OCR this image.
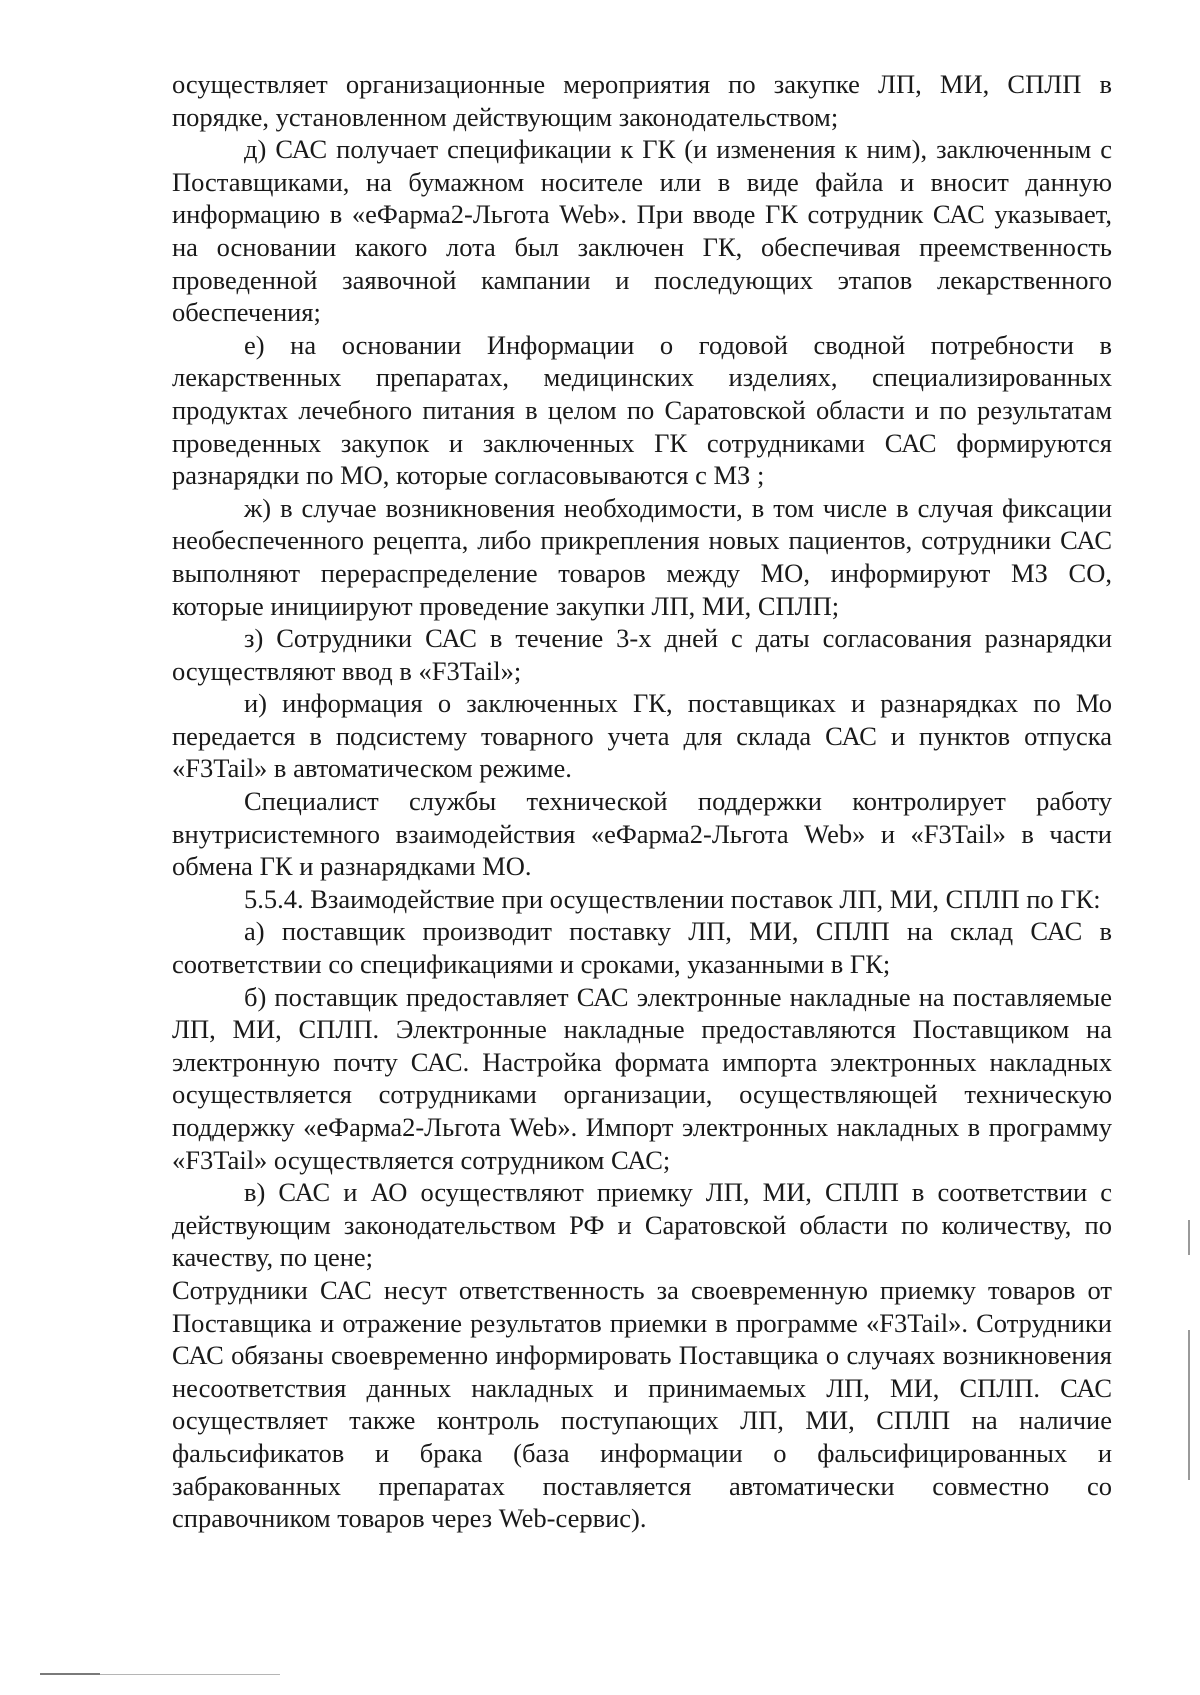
осуществляет организационные мероприятия по закупке ЛП, МИ, СПЛП в порядке, установленном действующим законодательством;

д) САС получает спецификации к ГК (и изменения к ним), заключенным с Поставщиками, на бумажном носителе или в виде файла и вносит данную информацию в «еФарма2-Льгота Web». При вводе ГК сотрудник САС указывает, на основании какого лота был заключен ГК, обеспечивая преемственность проведенной заявочной кампании и последующих этапов лекарственного обеспечения;

е) на основании Информации о годовой сводной потребности в лекарственных препаратах, медицинских изделиях, специализированных продуктах лечебного питания в целом по Саратовской области и по результатам проведенных закупок и заключенных ГК сотрудниками САС формируются разнарядки по МО, которые согласовываются с МЗ ;

ж) в случае возникновения необходимости, в том числе в случая фиксации необеспеченного рецепта, либо прикрепления новых пациентов, сотрудники САС выполняют перераспределение товаров между МО, информируют МЗ СО, которые инициируют проведение закупки ЛП, МИ, СПЛП;

з) Сотрудники САС в течение 3-х дней с даты согласования разнарядки осуществляют ввод в «F3Tail»;

и) информация о заключенных ГК, поставщиках и разнарядках по Мо передается в подсистему товарного учета для склада САС и пунктов отпуска «F3Tail» в автоматическом режиме.

Специалист службы технической поддержки контролирует работу внутрисистемного взаимодействия «еФарма2-Льгота Web» и «F3Tail» в части обмена ГК и разнарядками МО.

5.5.4. Взаимодействие при осуществлении поставок ЛП, МИ, СПЛП по ГК:

а) поставщик производит поставку ЛП, МИ, СПЛП на склад САС в соответствии со спецификациями и сроками, указанными в ГК;

б) поставщик предоставляет САС электронные накладные на поставляемые ЛП, МИ, СПЛП. Электронные накладные предоставляются Поставщиком на электронную почту САС. Настройка формата импорта электронных накладных осуществляется сотрудниками организации, осуществляющей техническую поддержку «еФарма2-Льгота Web». Импорт электронных накладных в программу «F3Tail» осуществляется сотрудником САС;

в) САС и АО осуществляют приемку ЛП, МИ, СПЛП в соответствии с действующим законодательством РФ и Саратовской области по количеству, по качеству, по цене;

Сотрудники САС несут ответственность за своевременную приемку товаров от Поставщика и отражение результатов приемки в программе «F3Tail». Сотрудники САС обязаны своевременно информировать Поставщика о случаях возникновения несоответствия данных накладных и принимаемых ЛП, МИ, СПЛП. САС осуществляет также контроль поступающих ЛП, МИ, СПЛП на наличие фальсификатов и брака (база информации о фальсифицированных и забракованных препаратах поставляется автоматически совместно со справочником товаров через Web-сервис).
